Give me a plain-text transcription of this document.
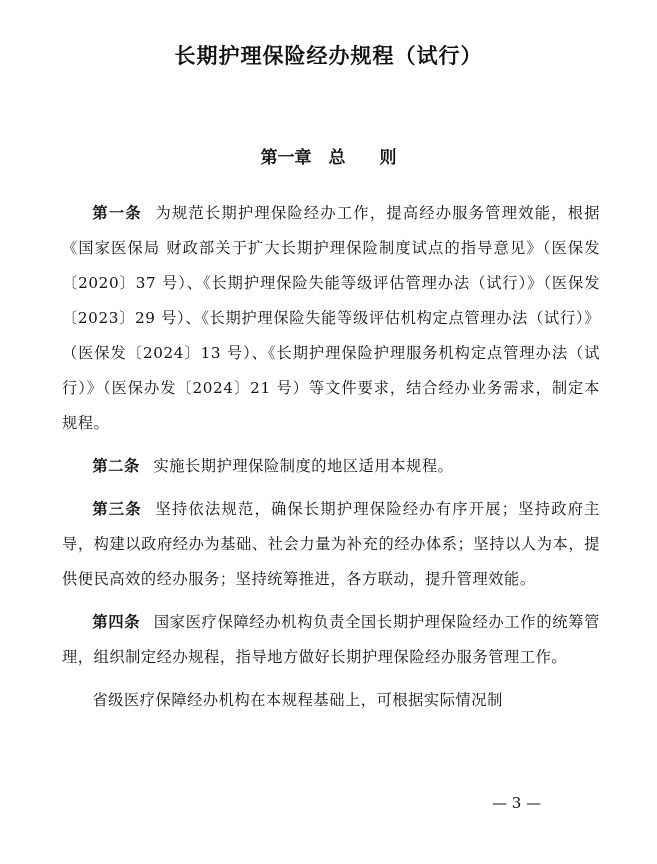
长期护理保险经办规程（试行）
第一章　总　　则

第一条 为规范长期护理保险经办工作，提高经办服务管理效能，根据《国家医保局 财政部关于扩大长期护理保险制度试点的指导意见》（医保发〔2020〕37 号）、《长期护理保险失能等级评估管理办法（试行）》（医保发〔2023〕29 号）、《长期护理保险失能等级评估机构定点管理办法（试行）》（医保发〔2024〕13 号）、《长期护理保险护理服务机构定点管理办法（试行）》（医保办发〔2024〕21 号）等文件要求，结合经办业务需求，制定本规程。

第二条 实施长期护理保险制度的地区适用本规程。

第三条 坚持依法规范，确保长期护理保险经办有序开展；坚持政府主导，构建以政府经办为基础、社会力量为补充的经办体系；坚持以人为本，提供便民高效的经办服务；坚持统筹推进，各方联动，提升管理效能。

第四条 国家医疗保障经办机构负责全国长期护理保险经办工作的统筹管理，组织制定经办规程，指导地方做好长期护理保险经办服务管理工作。

省级医疗保障经办机构在本规程基础上，可根据实际情况制

— 3 —
